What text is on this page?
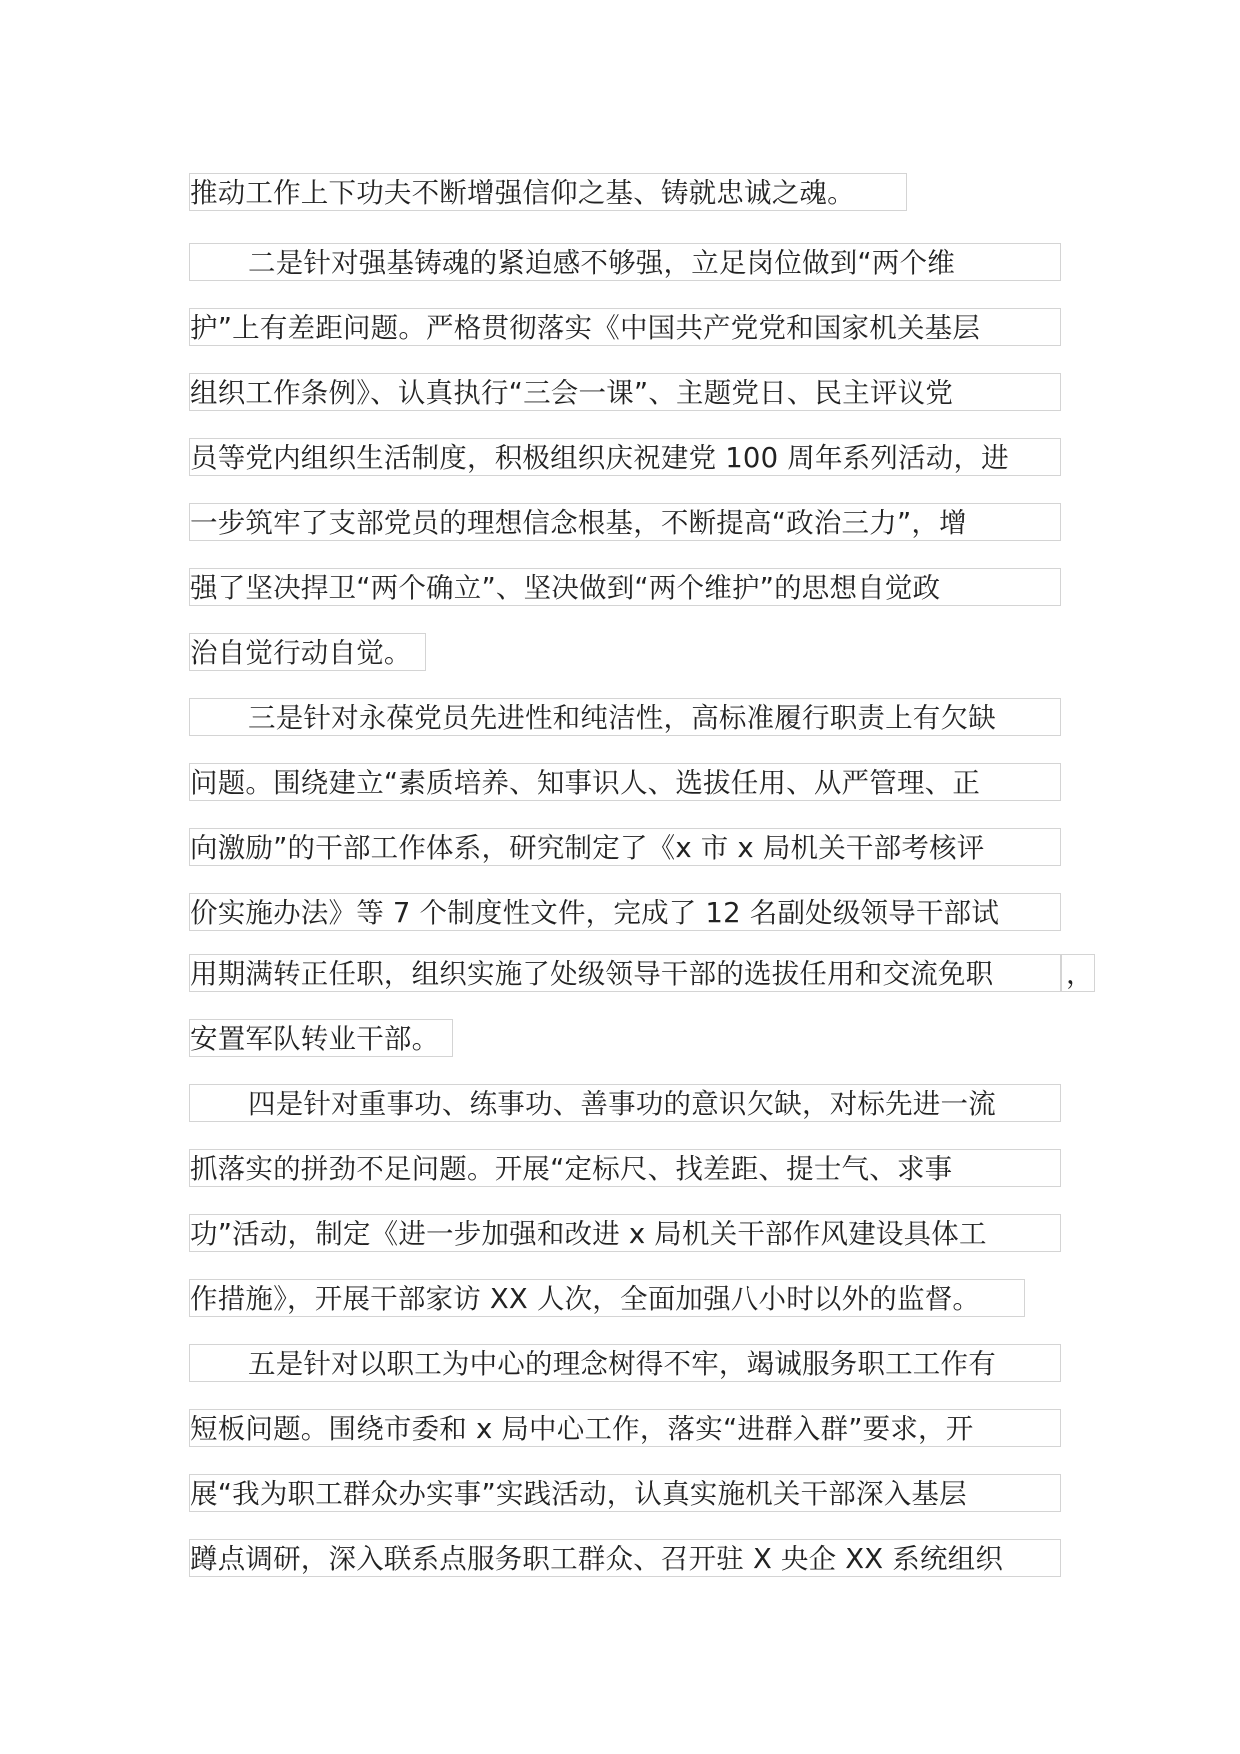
推动工作上下功夫不断增强信仰之基、铸就忠诚之魂。
二是针对强基铸魂的紧迫感不够强，立足岗位做到“两个维
护”上有差距问题。严格贯彻落实《中国共产党党和国家机关基层
组织工作条例》、认真执行“三会一课”、主题党日、民主评议党
员等党内组织生活制度，积极组织庆祝建党 100 周年系列活动，进
一步筑牢了支部党员的理想信念根基，不断提高“政治三力”，增
强了坚决捍卫“两个确立”、坚决做到“两个维护”的思想自觉政
治自觉行动自觉。
三是针对永葆党员先进性和纯洁性，高标准履行职责上有欠缺
问题。围绕建立“素质培养、知事识人、选拔任用、从严管理、正
向激励”的干部工作体系，研究制定了《x 市 x 局机关干部考核评
价实施办法》等 7 个制度性文件，完成了 12 名副处级领导干部试
用期满转正任职，组织实施了处级领导干部的选拔任用和交流免职	，
安置军队转业干部。
四是针对重事功、练事功、善事功的意识欠缺，对标先进一流
抓落实的拼劲不足问题。开展“定标尺、找差距、提士气、求事
功”活动，制定《进一步加强和改进 x 局机关干部作风建设具体工
作措施》，开展干部家访 XX 人次，全面加强八小时以外的监督。
五是针对以职工为中心的理念树得不牢，竭诚服务职工工作有
短板问题。围绕市委和 x 局中心工作，落实“进群入群”要求，开
展“我为职工群众办实事”实践活动，认真实施机关干部深入基层
蹲点调研，深入联系点服务职工群众、召开驻 X 央企 XX 系统组织
